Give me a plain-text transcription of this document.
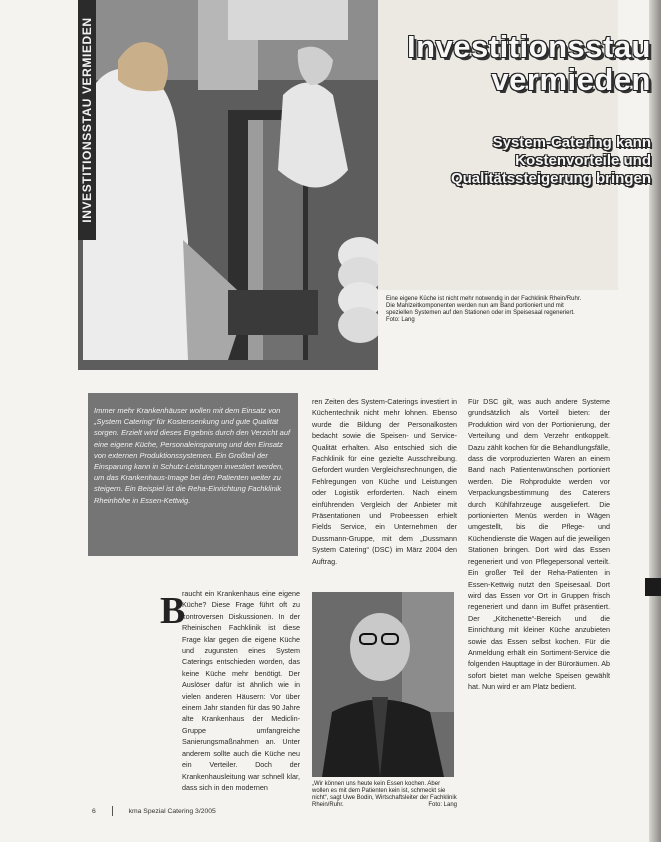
INVESTITIONSSTAU VERMIEDEN	Investitionsstau vermieden
System-Catering kann Kostenvorteile und Qualitätssteigerung bringen
Eine eigene Küche ist nicht mehr notwendig in der Fachklinik Rhein/Ruhr. Die Mahlzeitkomponenten werden nun am Band portioniert und mit speziellen Systemen auf den Stationen oder im Speisesaal regeneriert.
Foto: Lang

Immer mehr Krankenhäuser wollen mit dem Einsatz von „System Catering“ für Kostensenkung und gute Qualität sorgen. Erzielt wird dieses Ergebnis durch den Verzicht auf eine eigene Küche, Personaleinsparung und den Einsatz von externen Produktionssystemen. Ein Großteil der Einsparung kann in Schutz-Leistungen investiert werden, um das Krankenhaus-Image bei den Patienten weiter zu steigern. Ein Beispiel ist die Reha-Einrichtung Fachklinik Rheinhöhe in Essen-Kettwig.

B
raucht ein Krankenhaus eine eigene Küche? Diese Frage führt oft zu kontroversen Diskussionen. In der Rheinischen Fachklinik ist diese Frage klar gegen die eigene Küche und zugunsten eines System Caterings entschieden worden, das keine Küche mehr benötigt. Der Auslöser dafür ist ähnlich wie in vielen anderen Häusern: Vor über einem Jahr standen für das 90 Jahre alte Krankenhaus der Mediclin-Gruppe umfangreiche Sanierungsmaßnahmen an. Unter anderem sollte auch die Küche neu ein Verteiler. Doch der Krankenhausleitung war schnell klar, dass sich in den modernen
ren Zeiten des System-Caterings investiert in Küchentechnik nicht mehr lohnen. Ebenso wurde die Bildung der Personalkosten bedacht sowie die Speisen- und Service-Qualität erhalten. Also entschied sich die Fachklinik für eine gezielte Ausschreibung. Gefordert wurden Vergleichsrechnungen, die Fehlregungen von Küche und Leistungen oder Logistik erforderten. Nach einem einführenden Vergleich der Anbieter mit Präsentationen und Probeessen erhielt Fields Service, ein Unternehmen der Dussmann-Gruppe, mit dem „Dussmann System Catering“ (DSC) im März 2004 den Auftrag.

Für DSC gilt, was auch andere Systeme grundsätzlich als Vorteil bieten: der Produktion wird von der Portionierung, der Verteilung und dem Verzehr entkoppelt. Dazu zählt kochen für die Behandlungsfälle, dass die vorproduzierten Waren an einem Band nach Patientenwünschen portioniert werden. Die Rohprodukte werden vor Verpackungsbestimmung des Caterers durch Kühlfahrzeuge ausgeliefert. Die portionierten Menüs werden in Wägen umgestellt, bis die Pflege- und Küchendienste die Wagen auf die jeweiligen Stationen bringen. Dort wird das Essen regeneriert und von Pflegepersonal verteilt. Ein großer Teil der Reha-Patienten in Essen-Kettwig nutzt den Speisesaal. Dort wird das Essen vor Ort in Gruppen frisch regeneriert und dann im Buffet präsentiert. Der „Kitchenette“-Bereich und die Einrichtung mit kleiner Küche anzubieten sowie das Essen selbst kochen. Für die Anmeldung erhält ein Sortiment-Service die folgenden Haupttage in der Büroräumen. Ab sofort bietet man welche Speisen gewählt hat. Nun wird er am Platz bedient.

„Wir können uns heute kein Essen kochen. Aber wollen es mit dem Patienten kein ist, schmeckt sie nicht“, sagt Uwe Bodin, Wirtschaftsleiter der Fachklinik Rhein/Ruhr.	Foto: Lang
6	kma Spezial Catering 3/2005
